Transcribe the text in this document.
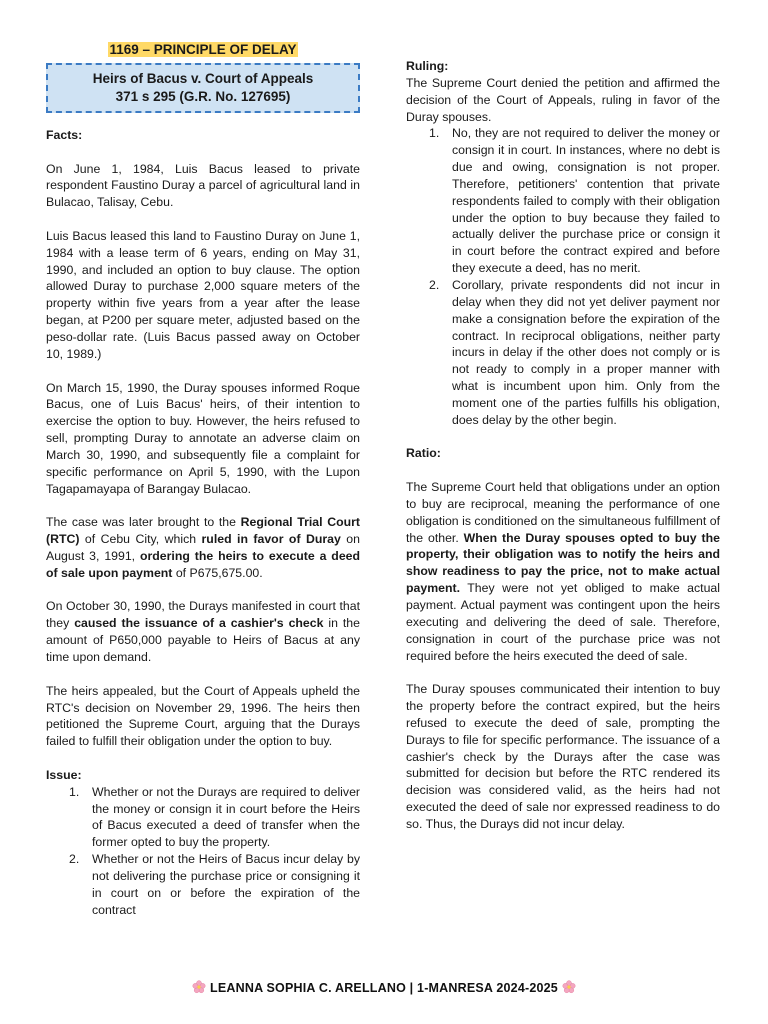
1169 – PRINCIPLE OF DELAY
Heirs of Bacus v. Court of Appeals
371 s 295 (G.R. No. 127695)

Facts:

On June 1, 1984, Luis Bacus leased to private respondent Faustino Duray a parcel of agricultural land in Bulacao, Talisay, Cebu.

Luis Bacus leased this land to Faustino Duray on June 1, 1984 with a lease term of 6 years, ending on May 31, 1990, and included an option to buy clause. The option allowed Duray to purchase 2,000 square meters of the property within five years from a year after the lease began, at P200 per square meter, adjusted based on the peso-dollar rate. (Luis Bacus passed away on October 10, 1989.)

On March 15, 1990, the Duray spouses informed Roque Bacus, one of Luis Bacus' heirs, of their intention to exercise the option to buy. However, the heirs refused to sell, prompting Duray to annotate an adverse claim on March 30, 1990, and subsequently file a complaint for specific performance on April 5, 1990, with the Lupon Tagapamayapa of Barangay Bulacao.

The case was later brought to the Regional Trial Court (RTC) of Cebu City, which ruled in favor of Duray on August 3, 1991, ordering the heirs to execute a deed of sale upon payment of P675,675.00.

On October 30, 1990, the Durays manifested in court that they caused the issuance of a cashier's check in the amount of P650,000 payable to Heirs of Bacus at any time upon demand.

The heirs appealed, but the Court of Appeals upheld the RTC's decision on November 29, 1996. The heirs then petitioned the Supreme Court, arguing that the Durays failed to fulfill their obligation under the option to buy.

Issue:

1. Whether or not the Durays are required to deliver the money or consign it in court before the Heirs of Bacus executed a deed of transfer when the former opted to buy the property.
2. Whether or not the Heirs of Bacus incur delay by not delivering the purchase price or consigning it in court on or before the expiration of the contract

Ruling:

The Supreme Court denied the petition and affirmed the decision of the Court of Appeals, ruling in favor of the Duray spouses.

1. No, they are not required to deliver the money or consign it in court. In instances, where no debt is due and owing, consignation is not proper. Therefore, petitioners' contention that private respondents failed to comply with their obligation under the option to buy because they failed to actually deliver the purchase price or consign it in court before the contract expired and before they execute a deed, has no merit.
2. Corollary, private respondents did not incur in delay when they did not yet deliver payment nor make a consignation before the expiration of the contract. In reciprocal obligations, neither party incurs in delay if the other does not comply or is not ready to comply in a proper manner with what is incumbent upon him. Only from the moment one of the parties fulfills his obligation, does delay by the other begin.

Ratio:

The Supreme Court held that obligations under an option to buy are reciprocal, meaning the performance of one obligation is conditioned on the simultaneous fulfillment of the other. When the Duray spouses opted to buy the property, their obligation was to notify the heirs and show readiness to pay the price, not to make actual payment. They were not yet obliged to make actual payment. Actual payment was contingent upon the heirs executing and delivering the deed of sale. Therefore, consignation in court of the purchase price was not required before the heirs executed the deed of sale.

The Duray spouses communicated their intention to buy the property before the contract expired, but the heirs refused to execute the deed of sale, prompting the Durays to file for specific performance. The issuance of a cashier's check by the Durays after the case was submitted for decision but before the RTC rendered its decision was considered valid, as the heirs had not executed the deed of sale nor expressed readiness to do so. Thus, the Durays did not incur delay.

LEANNA SOPHIA C. ARELLANO | 1-MANRESA 2024-2025
